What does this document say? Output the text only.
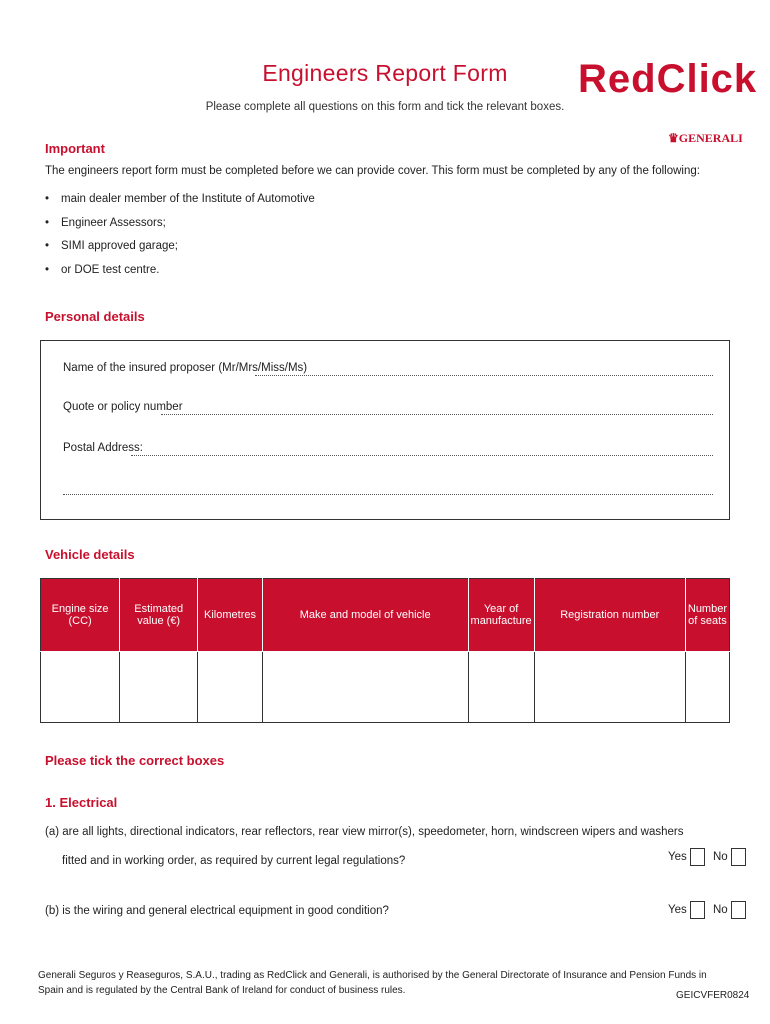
Engineers Report Form
Please complete all questions on this form and tick the relevant boxes.
RedClick
♛GENERALI
Important
The engineers report form must be completed before we can provide cover. This form must be completed by any of the following:
• main dealer member of the Institute of Automotive
• Engineer Assessors;
• SIMI approved garage;
• or DOE test centre.
Personal details
Name of the insured proposer (Mr/Mrs/Miss/Ms)
Quote or policy number
Postal Address:
Vehicle details
Engine size (CC)	Estimated value (€)	Kilometres	Make and model of vehicle	Year of manufacture	Registration number	Number of seats

Please tick the correct boxes
1. Electrical
(a) are all lights, directional indicators, rear reflectors, rear view mirror(s), speedometer, horn, windscreen wipers and washers
fitted and in working order, as required by current legal regulations?	Yes No
(b) is the wiring and general electrical equipment in good condition?	Yes No
Generali Seguros y Reaseguros, S.A.U., trading as RedClick and Generali, is authorised by the General Directorate of Insurance and Pension Funds in Spain and is regulated by the Central Bank of Ireland for conduct of business rules.	GEICVFER0824
